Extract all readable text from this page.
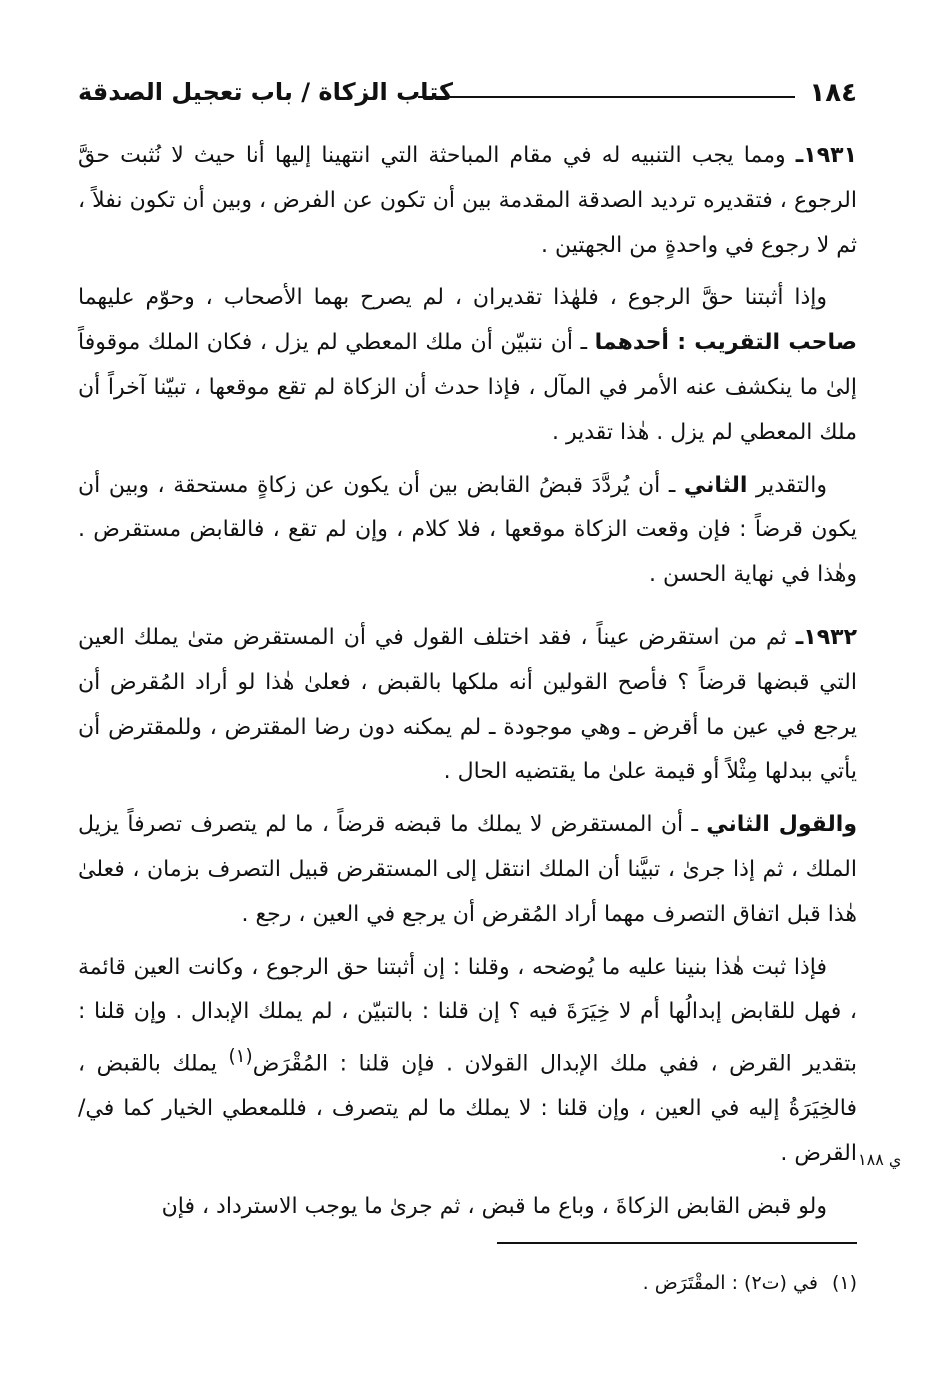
١٨٤
كتاب الزكاة / باب تعجيل الصدقة

١٩٣١ـ ومما يجب التنبيه له في مقام المباحثة التي انتهينا إليها أنا حيث لا نُثبت حقَّ الرجوع ، فتقديره ترديد الصدقة المقدمة بين أن تكون عن الفرض ، وبين أن تكون نفلاً ، ثم لا رجوع في واحدةٍ من الجهتين .

وإذا أثبتنا حقَّ الرجوع ، فلهٰذا تقديران ، لم يصرح بهما الأصحاب ، وحوّم عليهما صاحب التقريب : أحدهما ـ أن نتبيّن أن ملك المعطي لم يزل ، فكان الملك موقوفاً إلىٰ ما ينكشف عنه الأمر في المآل ، فإذا حدث أن الزكاة لم تقع موقعها ، تبيّنا آخراً أن ملك المعطي لم يزل . هٰذا تقدير .

والتقدير الثاني ـ أن يُردَّدَ قبضُ القابض بين أن يكون عن زكاةٍ مستحقة ، وبين أن يكون قرضاً : فإن وقعت الزكاة موقعها ، فلا كلام ، وإن لم تقع ، فالقابض مستقرض . وهٰذا في نهاية الحسن .

١٩٣٢ـ ثم من استقرض عيناً ، فقد اختلف القول في أن المستقرض متىٰ يملك العين التي قبضها قرضاً ؟ فأصح القولين أنه ملكها بالقبض ، فعلىٰ هٰذا لو أراد المُقرض أن يرجع في عين ما أقرض ـ وهي موجودة ـ لم يمكنه دون رضا المقترض ، وللمقترض أن يأتي ببدلها مِثْلاً أو قيمة علىٰ ما يقتضيه الحال .

والقول الثاني ـ أن المستقرض لا يملك ما قبضه قرضاً ، ما لم يتصرف تصرفاً يزيل الملك ، ثم إذا جرىٰ ، تبيَّنا أن الملك انتقل إلى المستقرض قبيل التصرف بزمان ، فعلىٰ هٰذا قبل اتفاق التصرف مهما أراد المُقرض أن يرجع في العين ، رجع .

فإذا ثبت هٰذا بنينا عليه ما يُوضحه ، وقلنا : إن أثبتنا حق الرجوع ، وكانت العين قائمة ، فهل للقابض إبدالُها أم لا خِيَرَةَ فيه ؟ إن قلنا : بالتبيّن ، لم يملك الإبدال . وإن قلنا : بتقدير القرض ، ففي ملك الإبدال القولان . فإن قلنا : المُقْرَض$^{(١)}$ يملك بالقبض ، فالخِيَرَةُ إليه في العين ، وإن قلنا : لا يملك ما لم يتصرف ، فللمعطي الخيار كما في/ القرض .

ولو قبض القابض الزكاةَ ، وباع ما قبض ، ثم جرىٰ ما يوجب الاسترداد ، فإن

ي ١٨٨
(١)في (ت٢) : المقْتَرَض .
